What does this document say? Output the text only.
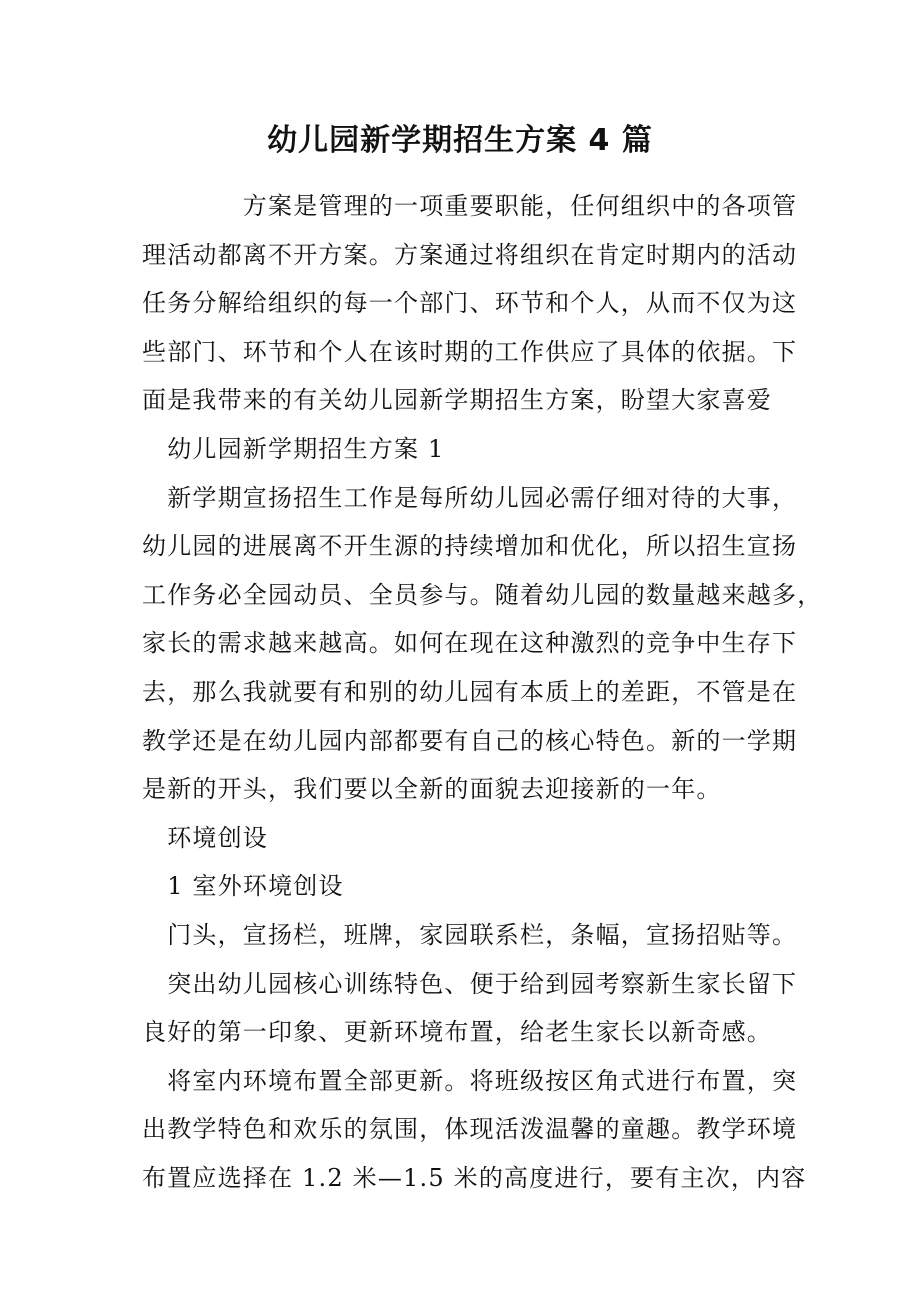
幼儿园新学期招生方案 4 篇

　　　　方案是管理的一项重要职能，任何组织中的各项管

理活动都离不开方案。方案通过将组织在肯定时期内的活动

任务分解给组织的每一个部门、环节和个人，从而不仅为这

些部门、环节和个人在该时期的工作供应了具体的依据。下

面是我带来的有关幼儿园新学期招生方案，盼望大家喜爱

　幼儿园新学期招生方案 1

　新学期宣扬招生工作是每所幼儿园必需仔细对待的大事，

幼儿园的进展离不开生源的持续增加和优化，所以招生宣扬

工作务必全园动员、全员参与。随着幼儿园的数量越来越多，

家长的需求越来越高。如何在现在这种激烈的竞争中生存下

去，那么我就要有和别的幼儿园有本质上的差距，不管是在

教学还是在幼儿园内部都要有自己的核心特色。新的一学期

是新的开头，我们要以全新的面貌去迎接新的一年。

　环境创设

　1 室外环境创设

　门头，宣扬栏，班牌，家园联系栏，条幅，宣扬招贴等。

　突出幼儿园核心训练特色、便于给到园考察新生家长留下

良好的第一印象、更新环境布置，给老生家长以新奇感。

　将室内环境布置全部更新。将班级按区角式进行布置，突

出教学特色和欢乐的氛围，体现活泼温馨的童趣。教学环境

布置应选择在 1.2 米—1.5 米的高度进行，要有主次，内容
